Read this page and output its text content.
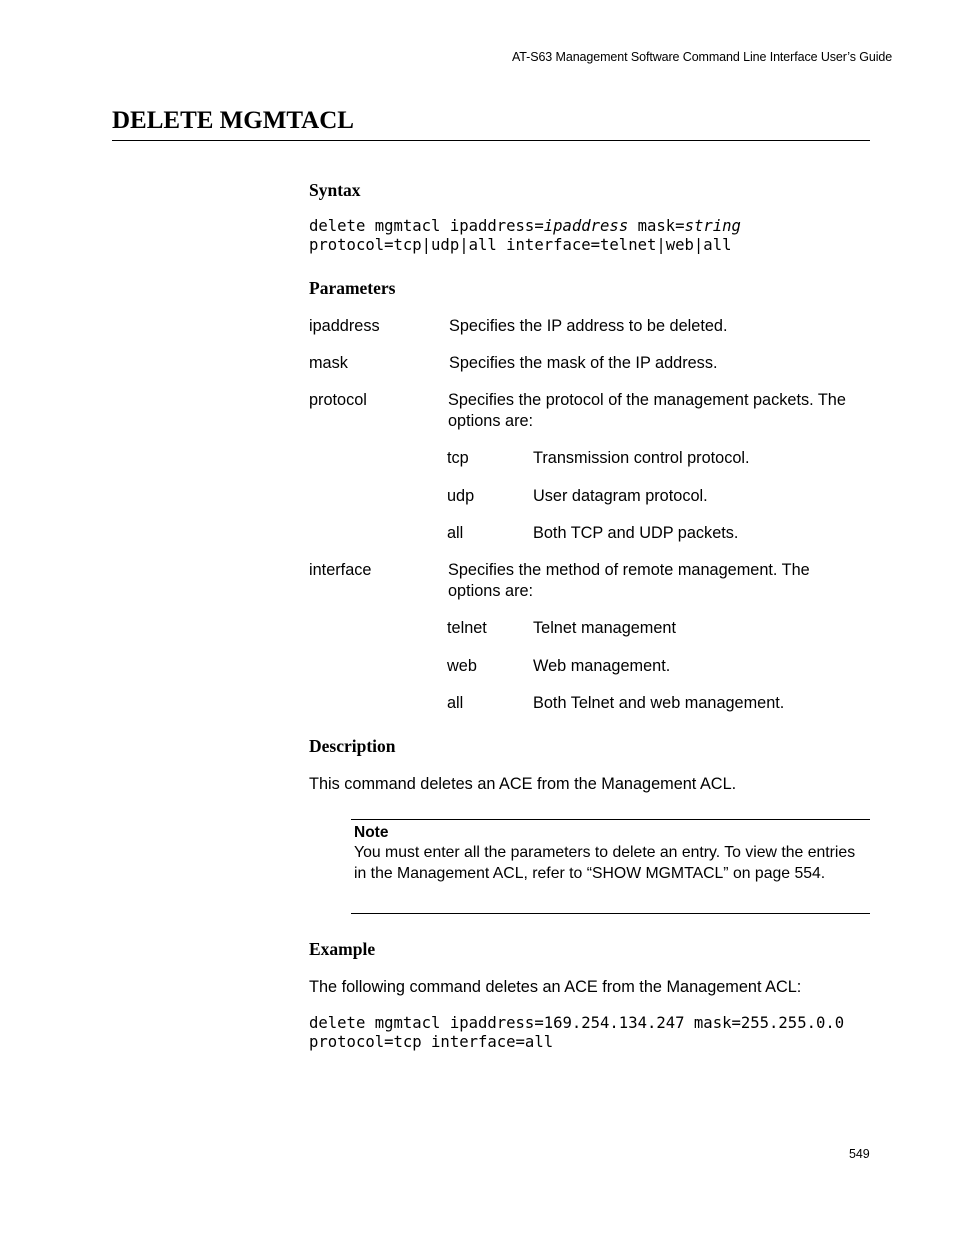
AT-S63 Management Software Command Line Interface User’s Guide
DELETE MGMTACL
Syntax
delete mgmtacl ipaddress=ipaddress mask=string
protocol=tcp|udp|all interface=telnet|web|all
Parameters
ipaddress	Specifies the IP address to be deleted.
mask	Specifies the mask of the IP address.
protocol	Specifies the protocol of the management packets. The options are:
tcp	Transmission control protocol.
udp	User datagram protocol.
all	Both TCP and UDP packets.
interface	Specifies the method of remote management. The options are:
telnet	Telnet management
web	Web management.
all	Both Telnet and web management.
Description
This command deletes an ACE from the Management ACL.
Note
You must enter all the parameters to delete an entry. To view the entries in the Management ACL, refer to “SHOW MGMTACL” on page 554.
Example
The following command deletes an ACE from the Management ACL:
delete mgmtacl ipaddress=169.254.134.247 mask=255.255.0.0
protocol=tcp interface=all
549
